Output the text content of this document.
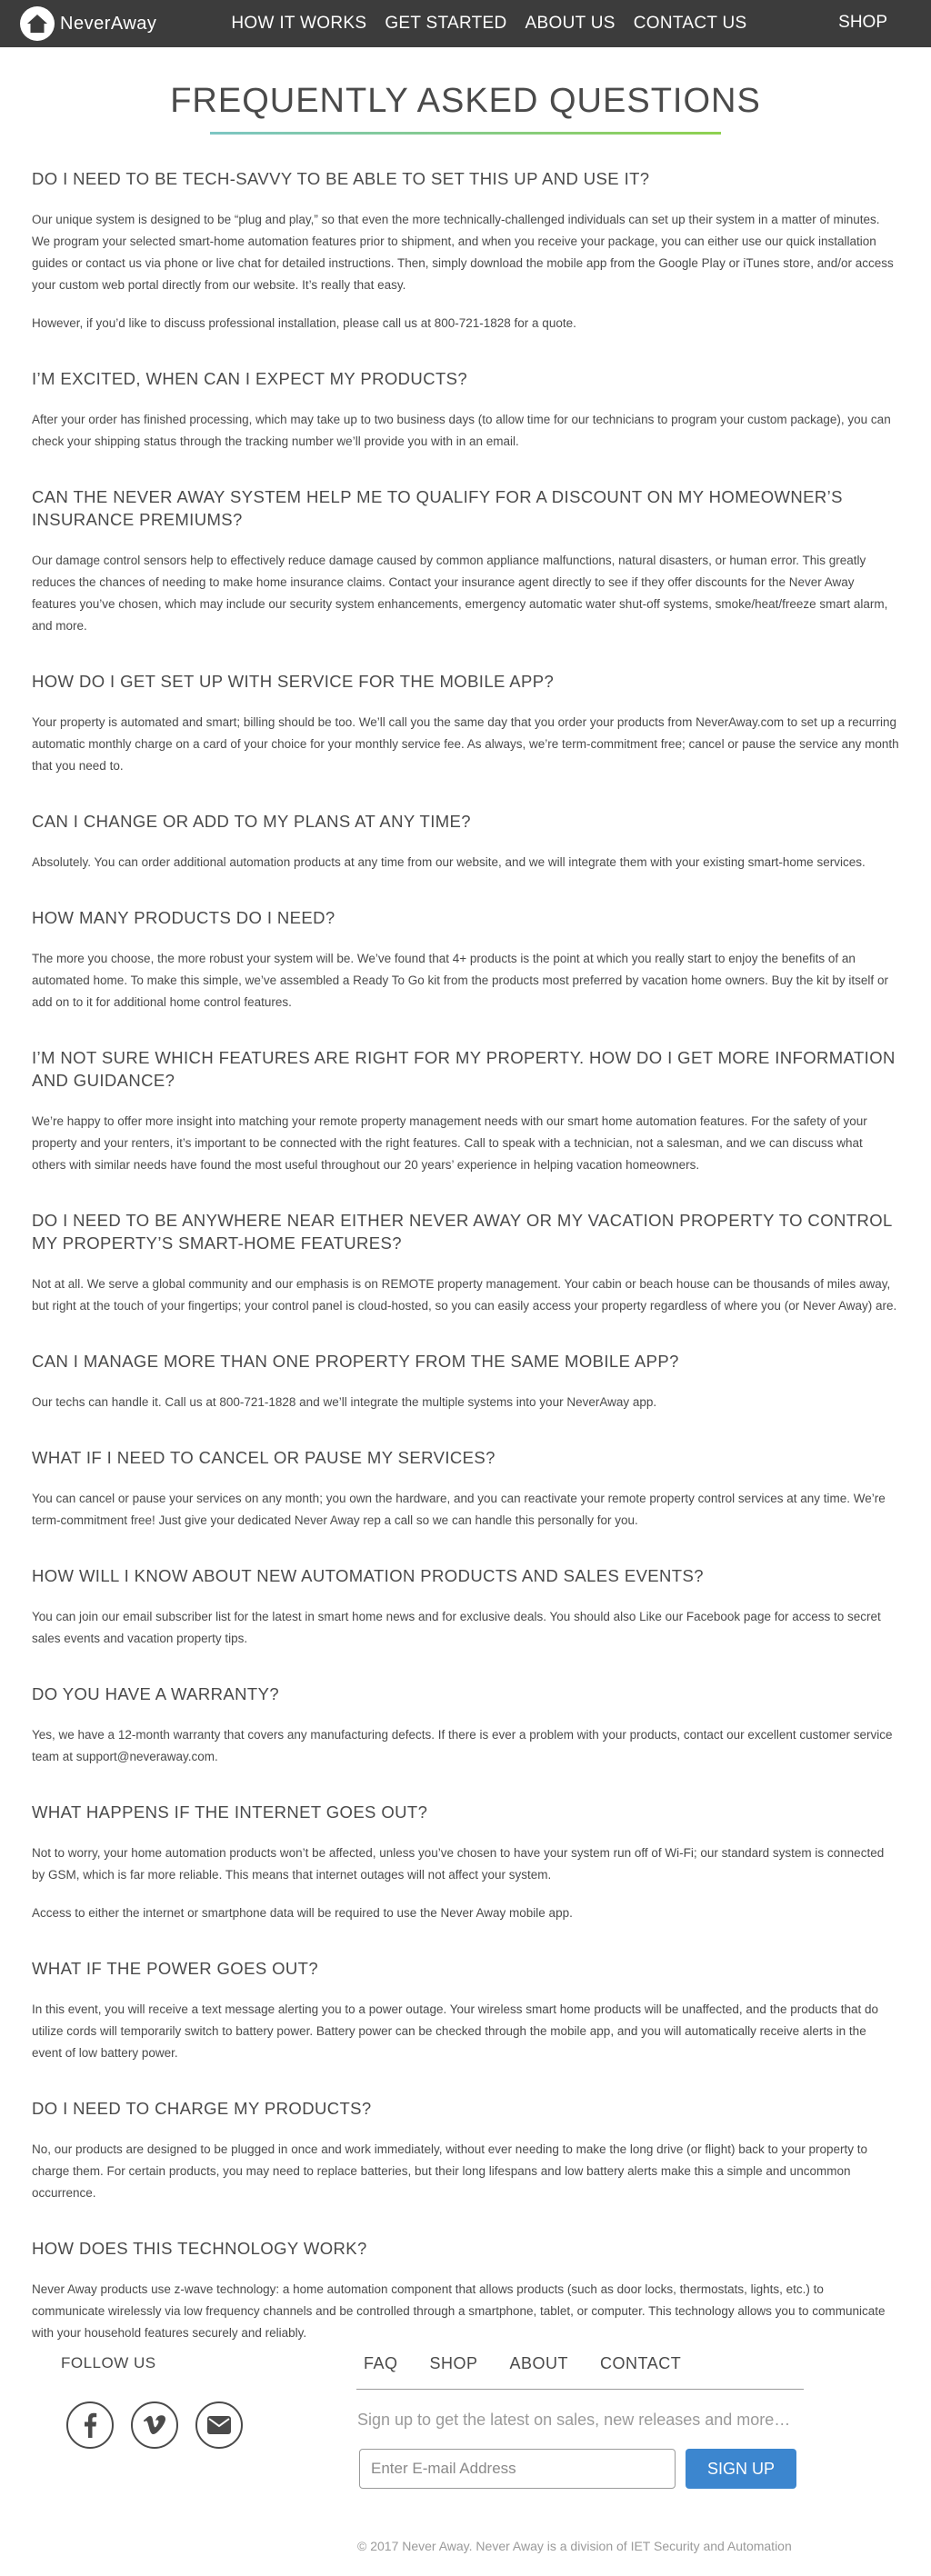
NeverAway	HOW IT WORKS GET STARTED ABOUT US CONTACT US	SHOP
FREQUENTLY ASKED QUESTIONS
DO I NEED TO BE TECH-SAVVY TO BE ABLE TO SET THIS UP AND USE IT?

Our unique system is designed to be “plug and play,” so that even the more technically-challenged individuals can set up their system in a matter of minutes. We program your selected smart-home automation features prior to shipment, and when you receive your package, you can either use our quick installation guides or contact us via phone or live chat for detailed instructions. Then, simply download the mobile app from the Google Play or iTunes store, and/or access your custom web portal directly from our website. It’s really that easy.

However, if you’d like to discuss professional installation, please call us at 800-721-1828 for a quote.

I’M EXCITED, WHEN CAN I EXPECT MY PRODUCTS?

After your order has finished processing, which may take up to two business days (to allow time for our technicians to program your custom package), you can check your shipping status through the tracking number we’ll provide you with in an email.

CAN THE NEVER AWAY SYSTEM HELP ME TO QUALIFY FOR A DISCOUNT ON MY HOMEOWNER’S INSURANCE PREMIUMS?

Our damage control sensors help to effectively reduce damage caused by common appliance malfunctions, natural disasters, or human error. This greatly reduces the chances of needing to make home insurance claims. Contact your insurance agent directly to see if they offer discounts for the Never Away features you’ve chosen, which may include our security system enhancements, emergency automatic water shut-off systems, smoke/heat/freeze smart alarm, and more.

HOW DO I GET SET UP WITH SERVICE FOR THE MOBILE APP?

Your property is automated and smart; billing should be too. We’ll call you the same day that you order your products from NeverAway.com to set up a recurring automatic monthly charge on a card of your choice for your monthly service fee. As always, we’re term-commitment free; cancel or pause the service any month that you need to.

CAN I CHANGE OR ADD TO MY PLANS AT ANY TIME?

Absolutely. You can order additional automation products at any time from our website, and we will integrate them with your existing smart-home services.

HOW MANY PRODUCTS DO I NEED?

The more you choose, the more robust your system will be. We’ve found that 4+ products is the point at which you really start to enjoy the benefits of an automated home. To make this simple, we’ve assembled a Ready To Go kit from the products most preferred by vacation home owners. Buy the kit by itself or add on to it for additional home control features.

I’M NOT SURE WHICH FEATURES ARE RIGHT FOR MY PROPERTY. HOW DO I GET MORE INFORMATION AND GUIDANCE?

We’re happy to offer more insight into matching your remote property management needs with our smart home automation features. For the safety of your property and your renters, it’s important to be connected with the right features. Call to speak with a technician, not a salesman, and we can discuss what others with similar needs have found the most useful throughout our 20 years’ experience in helping vacation homeowners.

DO I NEED TO BE ANYWHERE NEAR EITHER NEVER AWAY OR MY VACATION PROPERTY TO CONTROL MY PROPERTY’S SMART-HOME FEATURES?

Not at all. We serve a global community and our emphasis is on REMOTE property management. Your cabin or beach house can be thousands of miles away, but right at the touch of your fingertips; your control panel is cloud-hosted, so you can easily access your property regardless of where you (or Never Away) are.

CAN I MANAGE MORE THAN ONE PROPERTY FROM THE SAME MOBILE APP?

Our techs can handle it. Call us at 800-721-1828 and we’ll integrate the multiple systems into your NeverAway app.

WHAT IF I NEED TO CANCEL OR PAUSE MY SERVICES?

You can cancel or pause your services on any month; you own the hardware, and you can reactivate your remote property control services at any time. We’re term-commitment free! Just give your dedicated Never Away rep a call so we can handle this personally for you.

HOW WILL I KNOW ABOUT NEW AUTOMATION PRODUCTS AND SALES EVENTS?

You can join our email subscriber list for the latest in smart home news and for exclusive deals. You should also Like our Facebook page for access to secret sales events and vacation property tips.

DO YOU HAVE A WARRANTY?

Yes, we have a 12-month warranty that covers any manufacturing defects. If there is ever a problem with your products, contact our excellent customer service team at support@neveraway.com.

WHAT HAPPENS IF THE INTERNET GOES OUT?

Not to worry, your home automation products won’t be affected, unless you’ve chosen to have your system run off of Wi-Fi; our standard system is connected by GSM, which is far more reliable. This means that internet outages will not affect your system.

Access to either the internet or smartphone data will be required to use the Never Away mobile app.

WHAT IF THE POWER GOES OUT?

In this event, you will receive a text message alerting you to a power outage. Your wireless smart home products will be unaffected, and the products that do utilize cords will temporarily switch to battery power. Battery power can be checked through the mobile app, and you will automatically receive alerts in the event of low battery power.

DO I NEED TO CHARGE MY PRODUCTS?

No, our products are designed to be plugged in once and work immediately, without ever needing to make the long drive (or flight) back to your property to charge them. For certain products, you may need to replace batteries, but their long lifespans and low battery alerts make this a simple and uncommon occurrence.

HOW DOES THIS TECHNOLOGY WORK?

Never Away products use z-wave technology: a home automation component that allows products (such as door locks, thermostats, lights, etc.) to communicate wirelessly via low frequency channels and be controlled through a smartphone, tablet, or computer. This technology allows you to communicate with your household features securely and reliably.

FOLLOW US	FAQ SHOP ABOUT CONTACT
Sign up to get the latest on sales, new releases and more…
Enter E-mail Address
SIGN UP
© 2017 Never Away. Never Away is a division of IET Security and Automation
